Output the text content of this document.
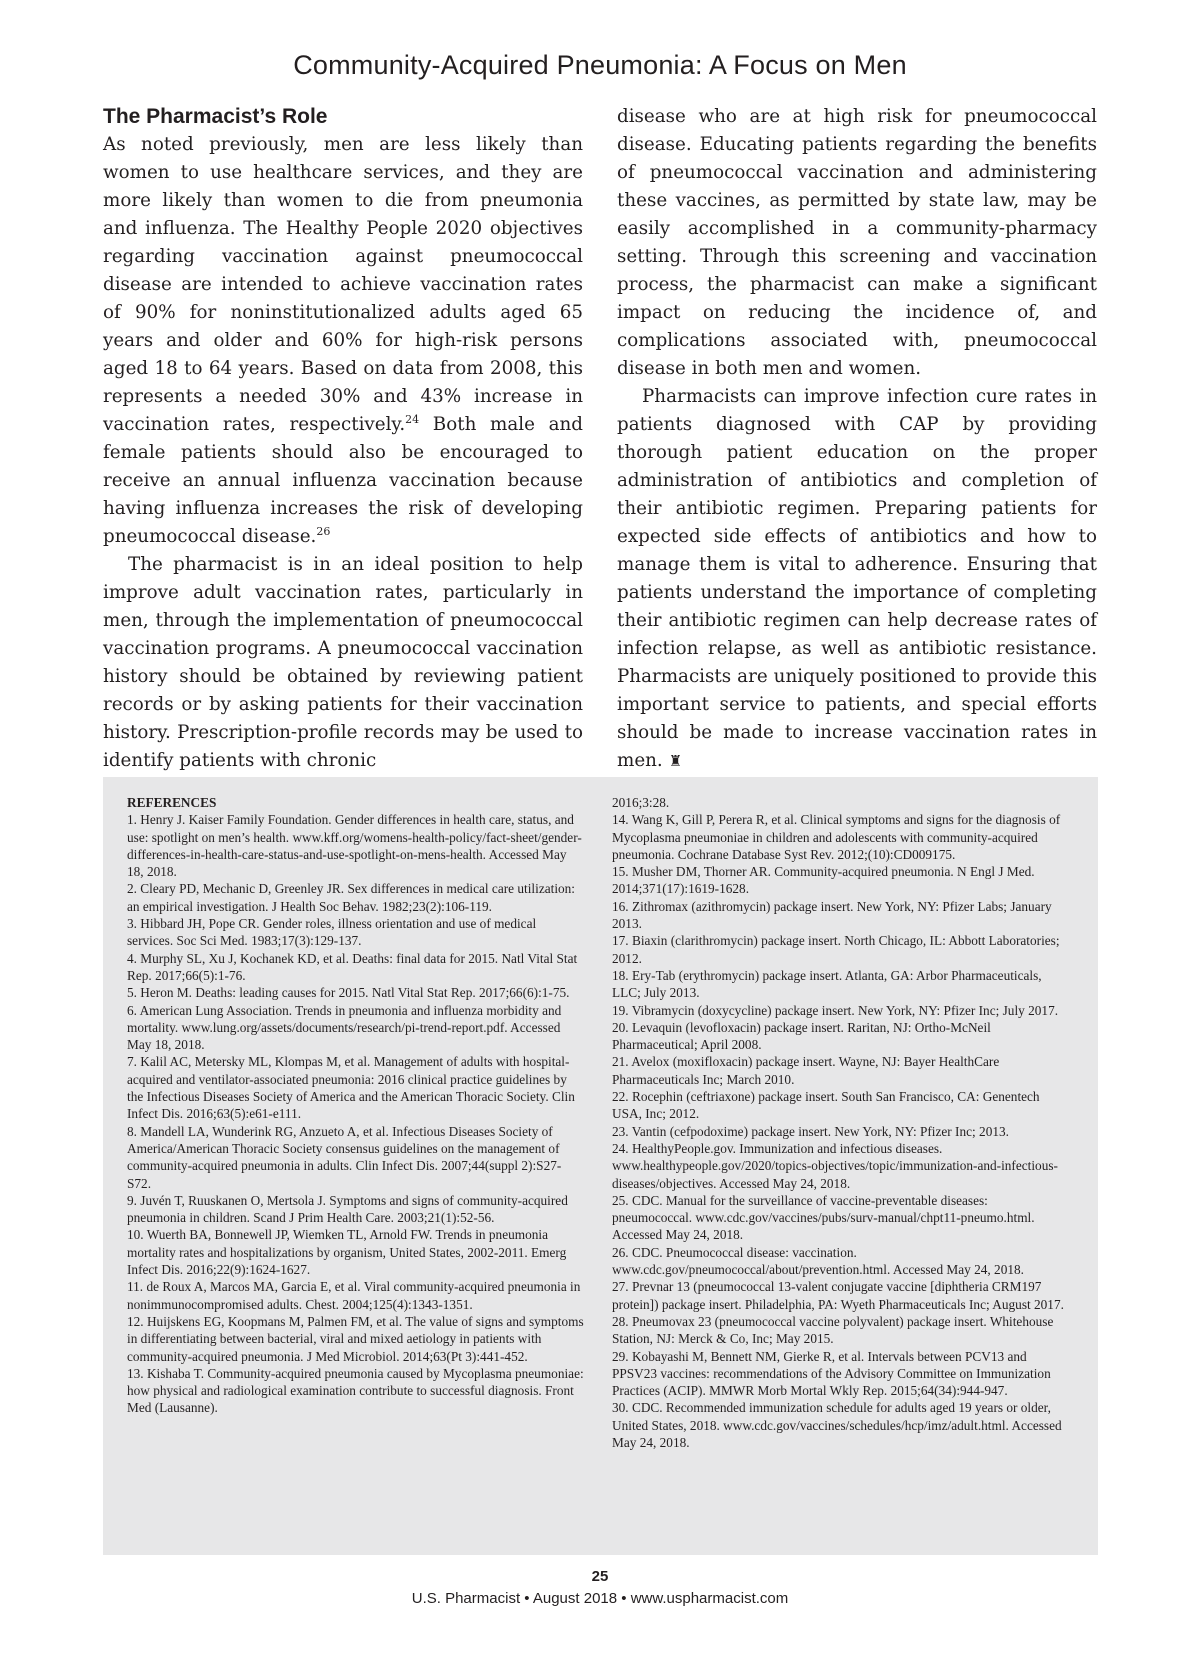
Community-Acquired Pneumonia: A Focus on Men
The Pharmacist’s Role

As noted previously, men are less likely than women to use healthcare services, and they are more likely than women to die from pneumonia and influenza. The Healthy People 2020 objectives regarding vaccination against pneumococcal disease are intended to achieve vaccination rates of 90% for noninstitutionalized adults aged 65 years and older and 60% for high-risk persons aged 18 to 64 years. Based on data from 2008, this represents a needed 30% and 43% increase in vaccination rates, respectively.$^{24}$ Both male and female patients should also be encouraged to receive an annual influenza vaccination because having influenza increases the risk of developing pneumococcal disease.$^{26}$

The pharmacist is in an ideal position to help improve adult vaccination rates, particularly in men, through the implementation of pneumococcal vaccination programs. A pneumococcal vaccination history should be obtained by reviewing patient records or by asking patients for their vaccination history. Prescription-profile records may be used to identify patients with chronic

disease who are at high risk for pneumococcal disease. Educating patients regarding the benefits of pneumococcal vaccination and administering these vaccines, as permitted by state law, may be easily accomplished in a community-pharmacy setting. Through this screening and vaccination process, the pharmacist can make a significant impact on reducing the incidence of, and complications associated with, pneumococcal disease in both men and women.

Pharmacists can improve infection cure rates in patients diagnosed with CAP by providing thorough patient education on the proper administration of antibiotics and completion of their antibiotic regimen. Preparing patients for expected side effects of antibiotics and how to manage them is vital to adherence. Ensuring that patients understand the importance of completing their antibiotic regimen can help decrease rates of infection relapse, as well as antibiotic resistance. Pharmacists are uniquely positioned to provide this important service to patients, and special efforts should be made to increase vaccination rates in men. ♜

REFERENCES

1. Henry J. Kaiser Family Foundation. Gender differences in health care, status, and use: spotlight on men’s health. www.kff.org/womens-health-policy/fact-sheet/gender-differences-in-health-care-status-and-use-spotlight-on-mens-health. Accessed May 18, 2018.

2. Cleary PD, Mechanic D, Greenley JR. Sex differences in medical care utilization: an empirical investigation. J Health Soc Behav. 1982;23(2):106-119.

3. Hibbard JH, Pope CR. Gender roles, illness orientation and use of medical services. Soc Sci Med. 1983;17(3):129-137.

4. Murphy SL, Xu J, Kochanek KD, et al. Deaths: final data for 2015. Natl Vital Stat Rep. 2017;66(5):1-76.

5. Heron M. Deaths: leading causes for 2015. Natl Vital Stat Rep. 2017;66(6):1-75.

6. American Lung Association. Trends in pneumonia and influenza morbidity and mortality. www.lung.org/assets/documents/research/pi-trend-report.pdf. Accessed May 18, 2018.

7. Kalil AC, Metersky ML, Klompas M, et al. Management of adults with hospital-acquired and ventilator-associated pneumonia: 2016 clinical practice guidelines by the Infectious Diseases Society of America and the American Thoracic Society. Clin Infect Dis. 2016;63(5):e61-e111.

8. Mandell LA, Wunderink RG, Anzueto A, et al. Infectious Diseases Society of America/American Thoracic Society consensus guidelines on the management of community-acquired pneumonia in adults. Clin Infect Dis. 2007;44(suppl 2):S27-S72.

9. Juvén T, Ruuskanen O, Mertsola J. Symptoms and signs of community-acquired pneumonia in children. Scand J Prim Health Care. 2003;21(1):52-56.

10. Wuerth BA, Bonnewell JP, Wiemken TL, Arnold FW. Trends in pneumonia mortality rates and hospitalizations by organism, United States, 2002-2011. Emerg Infect Dis. 2016;22(9):1624-1627.

11. de Roux A, Marcos MA, Garcia E, et al. Viral community-acquired pneumonia in nonimmunocompromised adults. Chest. 2004;125(4):1343-1351.

12. Huijskens EG, Koopmans M, Palmen FM, et al. The value of signs and symptoms in differentiating between bacterial, viral and mixed aetiology in patients with community-acquired pneumonia. J Med Microbiol. 2014;63(Pt 3):441-452.

13. Kishaba T. Community-acquired pneumonia caused by Mycoplasma pneumoniae: how physical and radiological examination contribute to successful diagnosis. Front Med (Lausanne).

2016;3:28.

14. Wang K, Gill P, Perera R, et al. Clinical symptoms and signs for the diagnosis of Mycoplasma pneumoniae in children and adolescents with community-acquired pneumonia. Cochrane Database Syst Rev. 2012;(10):CD009175.

15. Musher DM, Thorner AR. Community-acquired pneumonia. N Engl J Med. 2014;371(17):1619-1628.

16. Zithromax (azithromycin) package insert. New York, NY: Pfizer Labs; January 2013.

17. Biaxin (clarithromycin) package insert. North Chicago, IL: Abbott Laboratories; 2012.

18. Ery-Tab (erythromycin) package insert. Atlanta, GA: Arbor Pharmaceuticals, LLC; July 2013.

19. Vibramycin (doxycycline) package insert. New York, NY: Pfizer Inc; July 2017.

20. Levaquin (levofloxacin) package insert. Raritan, NJ: Ortho-McNeil Pharmaceutical; April 2008.

21. Avelox (moxifloxacin) package insert. Wayne, NJ: Bayer HealthCare Pharmaceuticals Inc; March 2010.

22. Rocephin (ceftriaxone) package insert. South San Francisco, CA: Genentech USA, Inc; 2012.

23. Vantin (cefpodoxime) package insert. New York, NY: Pfizer Inc; 2013.

24. HealthyPeople.gov. Immunization and infectious diseases. www.healthypeople.gov/2020/topics-objectives/topic/immunization-and-infectious-diseases/objectives. Accessed May 24, 2018.

25. CDC. Manual for the surveillance of vaccine-preventable diseases: pneumococcal. www.cdc.gov/vaccines/pubs/surv-manual/chpt11-pneumo.html. Accessed May 24, 2018.

26. CDC. Pneumococcal disease: vaccination. www.cdc.gov/pneumococcal/about/prevention.html. Accessed May 24, 2018.

27. Prevnar 13 (pneumococcal 13-valent conjugate vaccine [diphtheria CRM197 protein]) package insert. Philadelphia, PA: Wyeth Pharmaceuticals Inc; August 2017.

28. Pneumovax 23 (pneumococcal vaccine polyvalent) package insert. Whitehouse Station, NJ: Merck & Co, Inc; May 2015.

29. Kobayashi M, Bennett NM, Gierke R, et al. Intervals between PCV13 and PPSV23 vaccines: recommendations of the Advisory Committee on Immunization Practices (ACIP). MMWR Morb Mortal Wkly Rep. 2015;64(34):944-947.

30. CDC. Recommended immunization schedule for adults aged 19 years or older, United States, 2018. www.cdc.gov/vaccines/schedules/hcp/imz/adult.html. Accessed May 24, 2018.

25
U.S. Pharmacist • August 2018 • www.uspharmacist.com
